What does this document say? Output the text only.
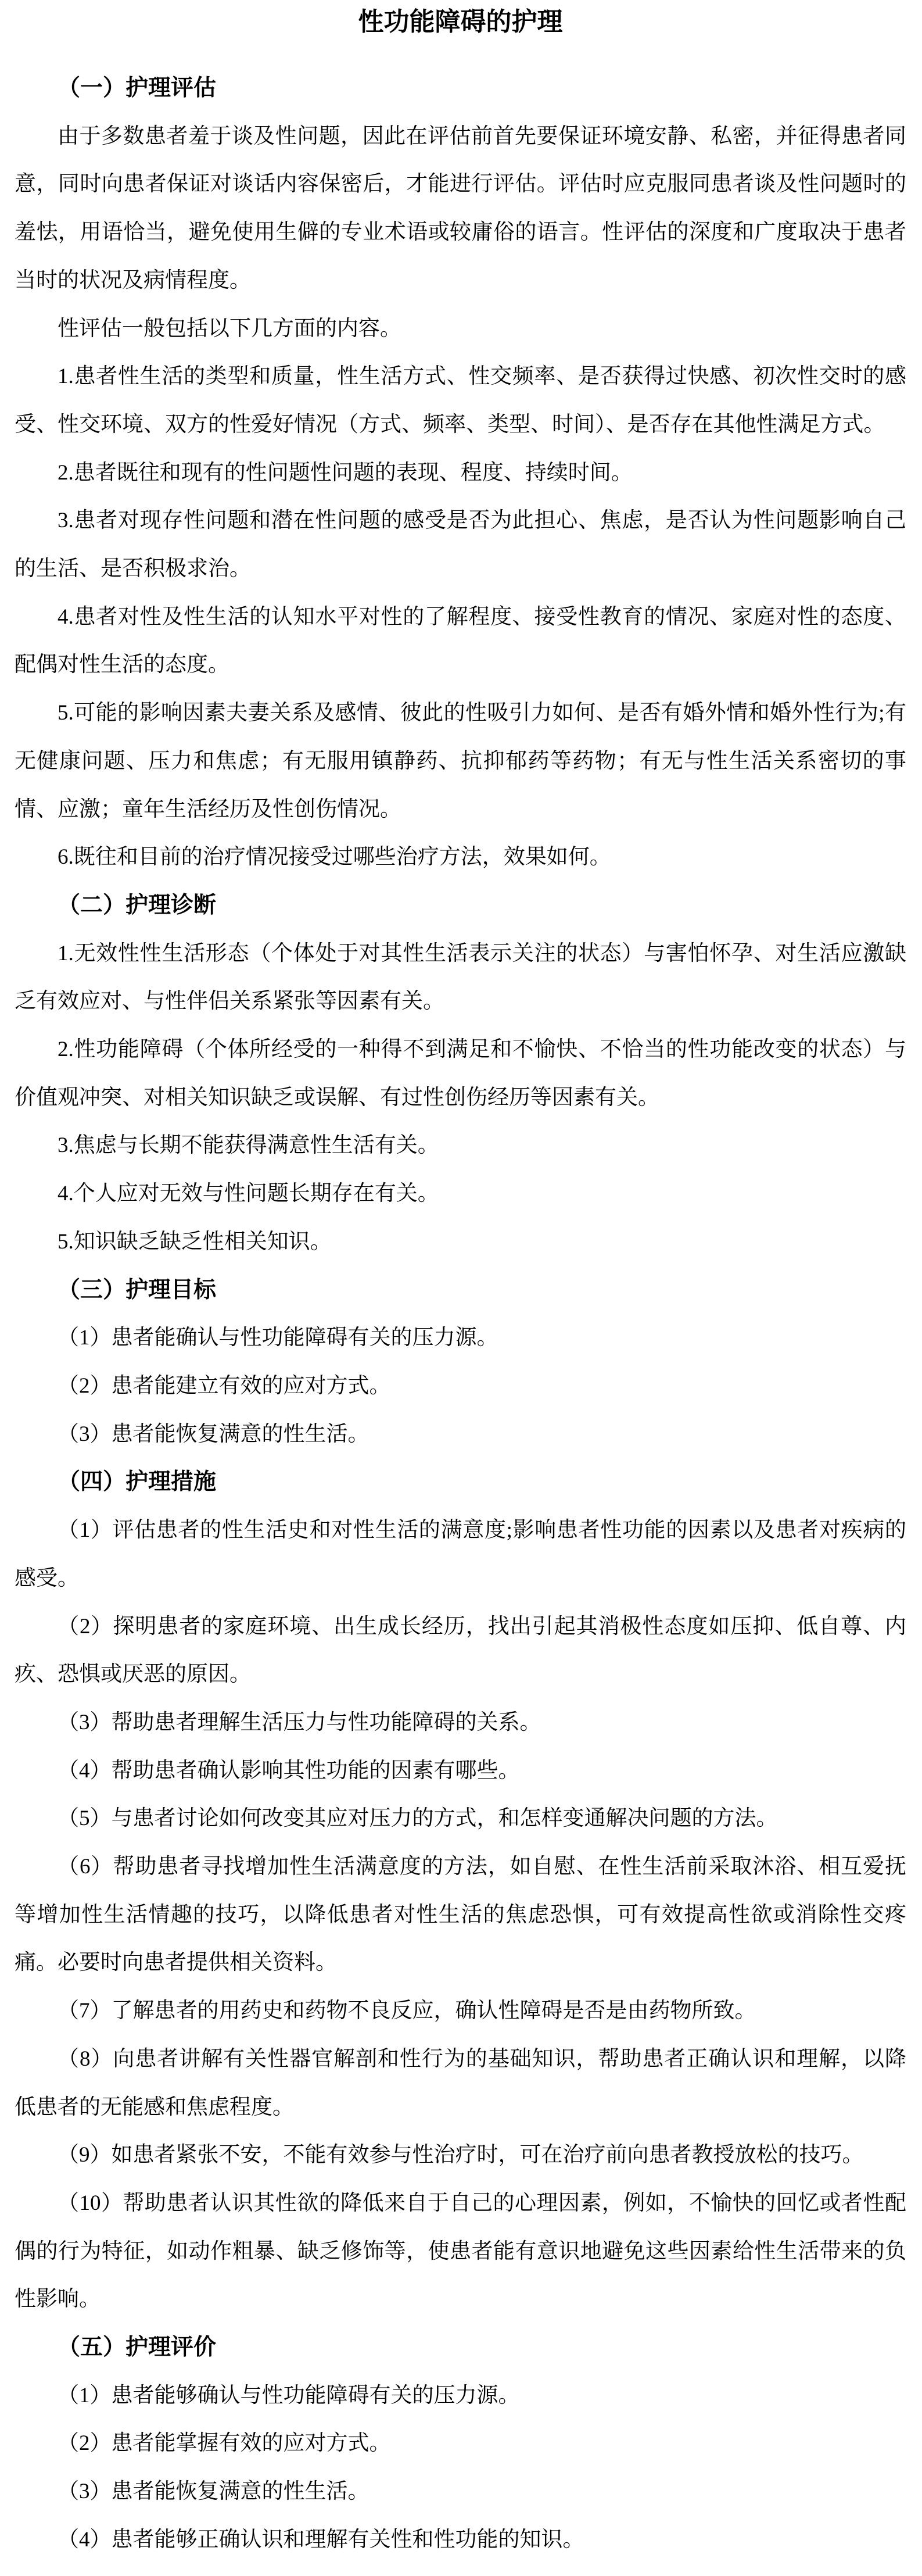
性功能障碍的护理
（一）护理评估

由于多数患者羞于谈及性问题，因此在评估前首先要保证环境安静、私密，并征得患者同意，同时向患者保证对谈话内容保密后，才能进行评估。评估时应克服同患者谈及性问题时的羞怯，用语恰当，避免使用生僻的专业术语或较庸俗的语言。性评估的深度和广度取决于患者当时的状况及病情程度。

性评估一般包括以下几方面的内容。

1.患者性生活的类型和质量，性生活方式、性交频率、是否获得过快感、初次性交时的感受、性交环境、双方的性爱好情况（方式、频率、类型、时间）、是否存在其他性满足方式。

2.患者既往和现有的性问题性问题的表现、程度、持续时间。

3.患者对现存性问题和潜在性问题的感受是否为此担心、焦虑，是否认为性问题影响自己的生活、是否积极求治。

4.患者对性及性生活的认知水平对性的了解程度、接受性教育的情况、家庭对性的态度、配偶对性生活的态度。

5.可能的影响因素夫妻关系及感情、彼此的性吸引力如何、是否有婚外情和婚外性行为;有无健康问题、压力和焦虑；有无服用镇静药、抗抑郁药等药物；有无与性生活关系密切的事情、应激；童年生活经历及性创伤情况。

6.既往和目前的治疗情况接受过哪些治疗方法，效果如何。

（二）护理诊断

1.无效性性生活形态（个体处于对其性生活表示关注的状态）与害怕怀孕、对生活应激缺乏有效应对、与性伴侣关系紧张等因素有关。

2.性功能障碍（个体所经受的一种得不到满足和不愉快、不恰当的性功能改变的状态）与价值观冲突、对相关知识缺乏或误解、有过性创伤经历等因素有关。

3.焦虑与长期不能获得满意性生活有关。

4.个人应对无效与性问题长期存在有关。

5.知识缺乏缺乏性相关知识。

（三）护理目标

（1）患者能确认与性功能障碍有关的压力源。

（2）患者能建立有效的应对方式。

（3）患者能恢复满意的性生活。

（四）护理措施

（1）评估患者的性生活史和对性生活的满意度;影响患者性功能的因素以及患者对疾病的感受。

（2）探明患者的家庭环境、出生成长经历，找出引起其消极性态度如压抑、低自尊、内疚、恐惧或厌恶的原因。

（3）帮助患者理解生活压力与性功能障碍的关系。

（4）帮助患者确认影响其性功能的因素有哪些。

（5）与患者讨论如何改变其应对压力的方式，和怎样变通解决问题的方法。

（6）帮助患者寻找增加性生活满意度的方法，如自慰、在性生活前采取沐浴、相互爱抚等增加性生活情趣的技巧，以降低患者对性生活的焦虑恐惧，可有效提高性欲或消除性交疼痛。必要时向患者提供相关资料。

（7）了解患者的用药史和药物不良反应，确认性障碍是否是由药物所致。

（8）向患者讲解有关性器官解剖和性行为的基础知识，帮助患者正确认识和理解，以降低患者的无能感和焦虑程度。

（9）如患者紧张不安，不能有效参与性治疗时，可在治疗前向患者教授放松的技巧。

（10）帮助患者认识其性欲的降低来自于自己的心理因素，例如，不愉快的回忆或者性配偶的行为特征，如动作粗暴、缺乏修饰等，使患者能有意识地避免这些因素给性生活带来的负性影响。

（五）护理评价

（1）患者能够确认与性功能障碍有关的压力源。

（2）患者能掌握有效的应对方式。

（3）患者能恢复满意的性生活。

（4）患者能够正确认识和理解有关性和性功能的知识。
